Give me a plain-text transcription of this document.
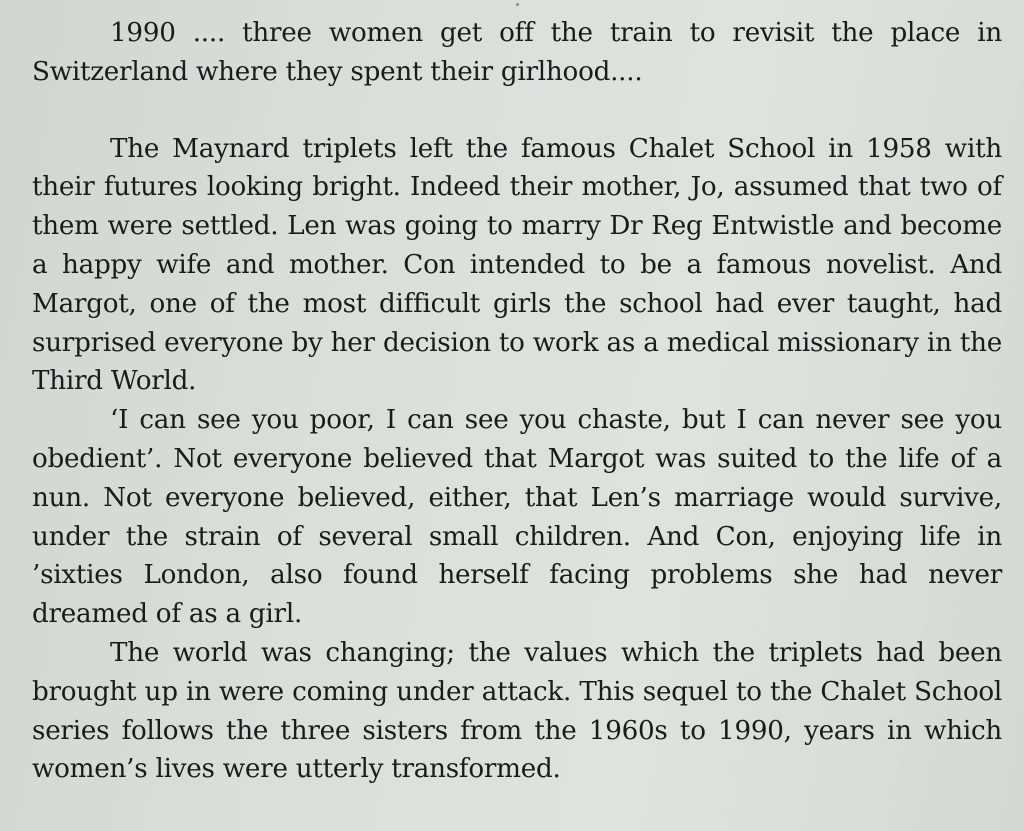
1990 .... three women get off the train to revisit the place in Switzerland where they spent their girlhood....

The Maynard triplets left the famous Chalet School in 1958 with their futures looking bright. Indeed their mother, Jo, assumed that two of them were settled. Len was going to marry Dr Reg Entwistle and become a happy wife and mother. Con intended to be a famous novelist. And Margot, one of the most difficult girls the school had ever taught, had surprised everyone by her decision to work as a medical missionary in the Third World.

‘I can see you poor, I can see you chaste, but I can never see you obedient’. Not everyone believed that Margot was suited to the life of a nun. Not everyone believed, either, that Len’s marriage would survive, under the strain of several small children. And Con, enjoying life in ’sixties London, also found herself facing problems she had never dreamed of as a girl.

The world was changing; the values which the triplets had been brought up in were coming under attack. This sequel to the Chalet School series follows the three sisters from the 1960s to 1990, years in which women’s lives were utterly transformed.
